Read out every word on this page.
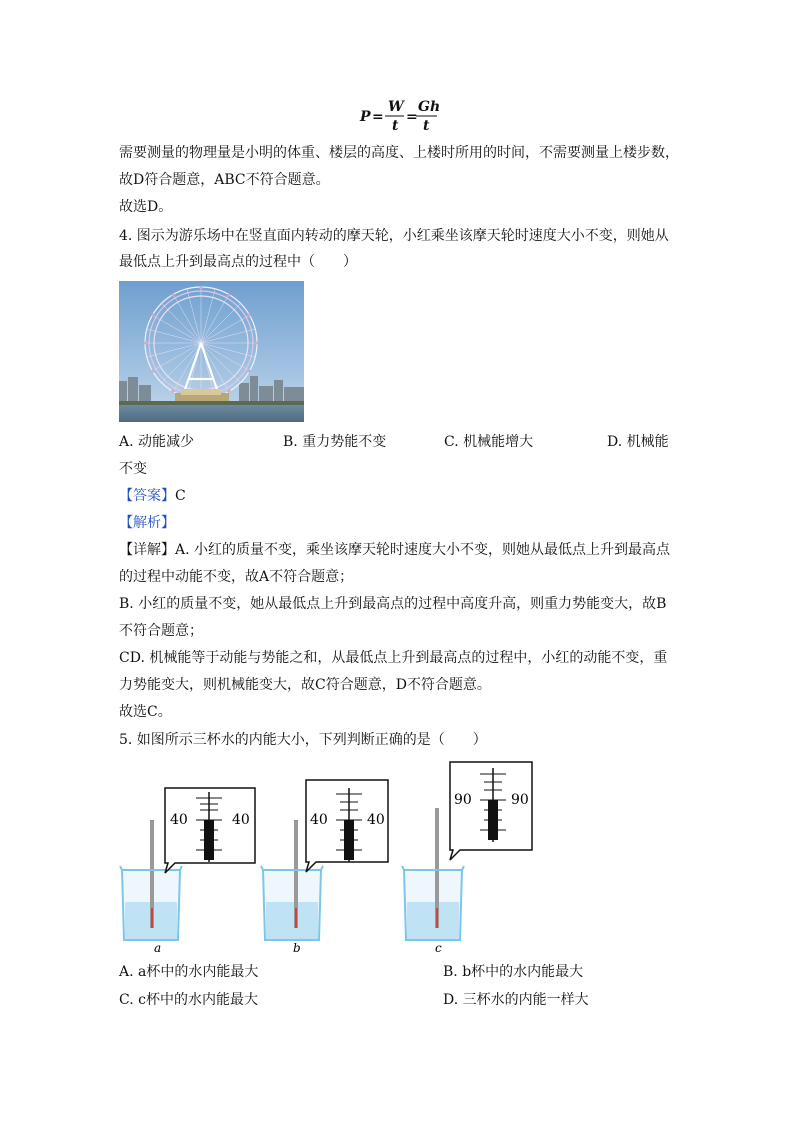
P =
W
t
=
Gh
t
需要测量的物理量是小明的体重、楼层的高度、上楼时所用的时间，不需要测量上楼步数，
故D符合题意，ABC不符合题意。
故选D。
4. 图示为游乐场中在竖直面内转动的摩天轮，小红乘坐该摩天轮时速度大小不变，则她从
最低点上升到最高点的过程中（　　）
A. 动能减少	B. 重力势能不变	C. 机械能增大	D. 机械能
不变
【答案】C
【解析】
【详解】A. 小红的质量不变，乘坐该摩天轮时速度大小不变，则她从最低点上升到最高点
的过程中动能不变，故A不符合题意；
B. 小红的质量不变，她从最低点上升到最高点的过程中高度升高，则重力势能变大，故B
不符合题意；
CD. 机械能等于动能与势能之和，从最低点上升到最高点的过程中，小红的动能不变，重
力势能变大，则机械能变大，故C符合题意，D不符合题意。
故选C。
5. 如图所示三杯水的内能大小，下列判断正确的是（　　）
a
40	40
b
40	40
c
90	90
A. a杯中的水内能最大	B. b杯中的水内能最大
C. c杯中的水内能最大	D. 三杯水的内能一样大
